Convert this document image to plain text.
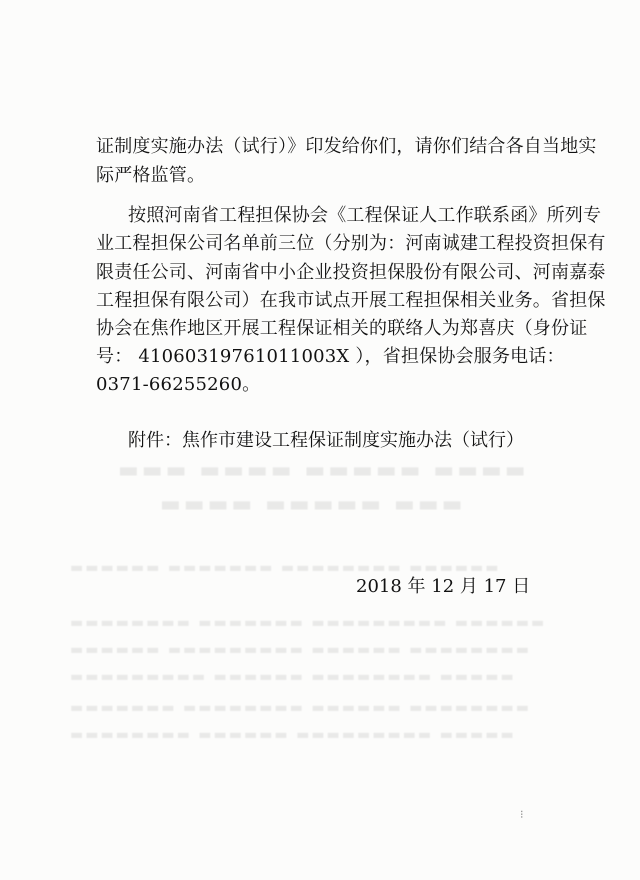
▬▬▬ ▬▬▬▬ ▬▬▬▬▬ ▬▬▬▬
▬▬▬▬ ▬▬▬▬▬ ▬▬▬
▬▬▬▬▬▬ ▬▬▬▬▬▬▬ ▬▬▬▬▬▬▬▬ ▬▬▬▬▬▬
▬▬▬▬▬▬▬▬ ▬▬▬▬▬▬▬ ▬▬▬▬▬▬▬▬▬ ▬▬▬▬▬▬
▬▬▬▬▬▬ ▬▬▬▬▬▬▬▬▬ ▬▬▬▬▬▬ ▬▬▬▬▬▬▬▬
▬▬▬▬▬▬▬▬▬ ▬▬▬▬▬▬ ▬▬▬▬▬▬▬▬ ▬▬▬▬▬
▬▬▬▬▬▬▬ ▬▬▬▬▬▬▬▬ ▬▬▬▬▬▬ ▬▬▬▬▬▬▬▬
▬▬▬▬▬▬▬▬ ▬▬▬▬▬▬ ▬▬▬▬▬▬▬▬▬ ▬▬▬▬▬
证制度实施办法（试行）》印发给你们，请你们结合各自当地实
际严格监管。
按照河南省工程担保协会《工程保证人工作联系函》所列专
业工程担保公司名单前三位（分别为：河南诚建工程投资担保有
限责任公司、河南省中小企业投资担保股份有限公司、河南嘉泰
工程担保有限公司）在我市试点开展工程担保相关业务。省担保
协会在焦作地区开展工程保证相关的联络人为郑喜庆（身份证
号： 41060319761011003X ），省担保协会服务电话：
0371-66255260。
附件：焦作市建设工程保证制度实施办法（试行）
2018 年 12 月 17 日
⁝
